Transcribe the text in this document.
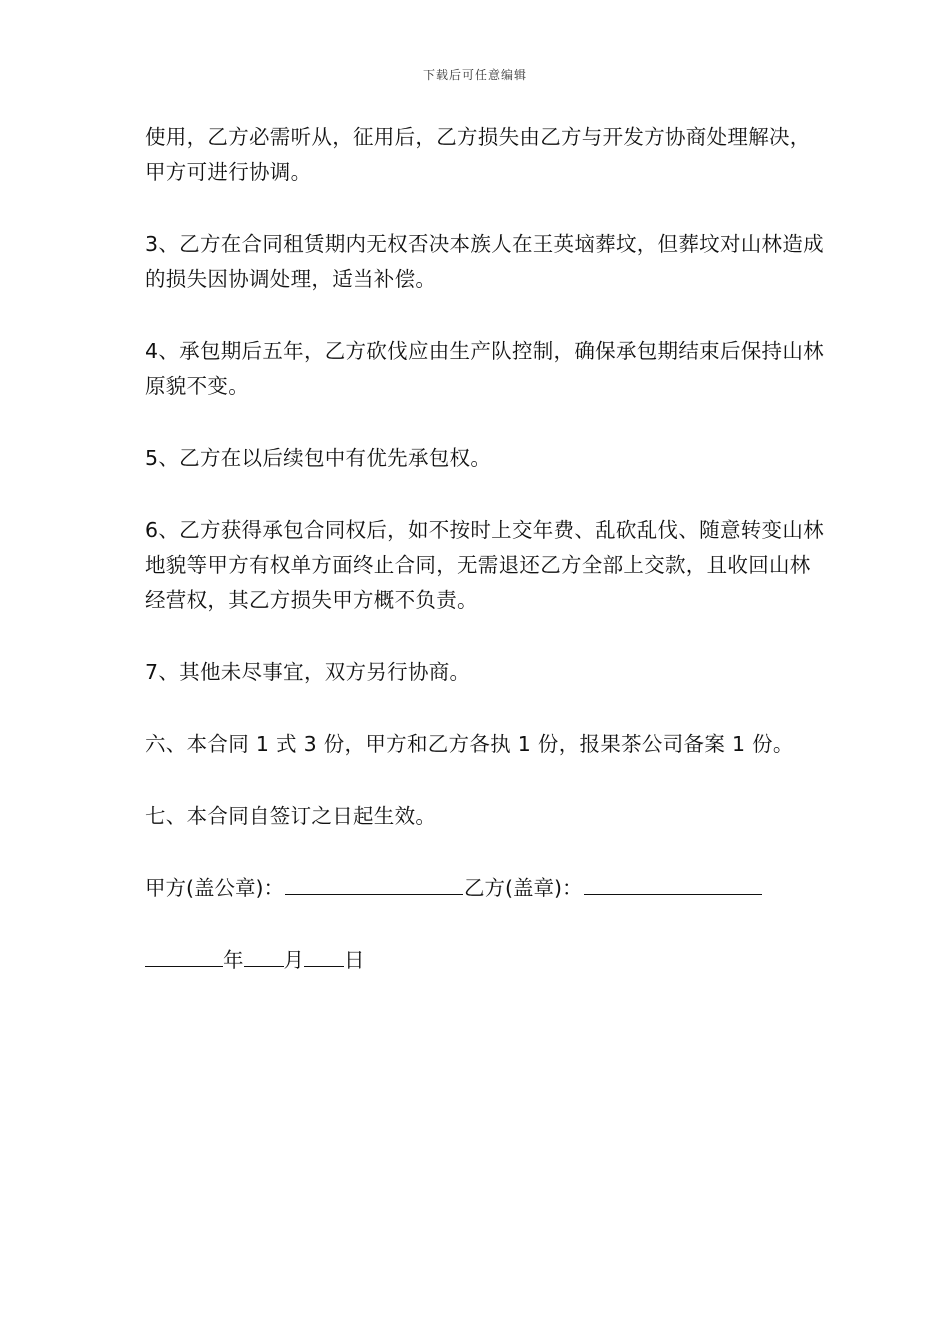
下载后可任意编辑

使用，乙方必需听从，征用后，乙方损失由乙方与开发方协商处理解决，甲方可进行协调。

3、乙方在合同租赁期内无权否决本族人在王英垴葬坟，但葬坟对山林造成的损失因协调处理，适当补偿。

4、承包期后五年，乙方砍伐应由生产队控制，确保承包期结束后保持山林原貌不变。

5、乙方在以后续包中有优先承包权。

6、乙方获得承包合同权后，如不按时上交年费、乱砍乱伐、随意转变山林地貌等甲方有权单方面终止合同，无需退还乙方全部上交款，且收回山林经营权，其乙方损失甲方概不负责。

7、其他未尽事宜，双方另行协商。

六、本合同 1 式 3 份，甲方和乙方各执 1 份，报果茶公司备案 1 份。

七、本合同自签订之日起生效。

甲方(盖公章)：	乙方(盖章)：
年 月 日
